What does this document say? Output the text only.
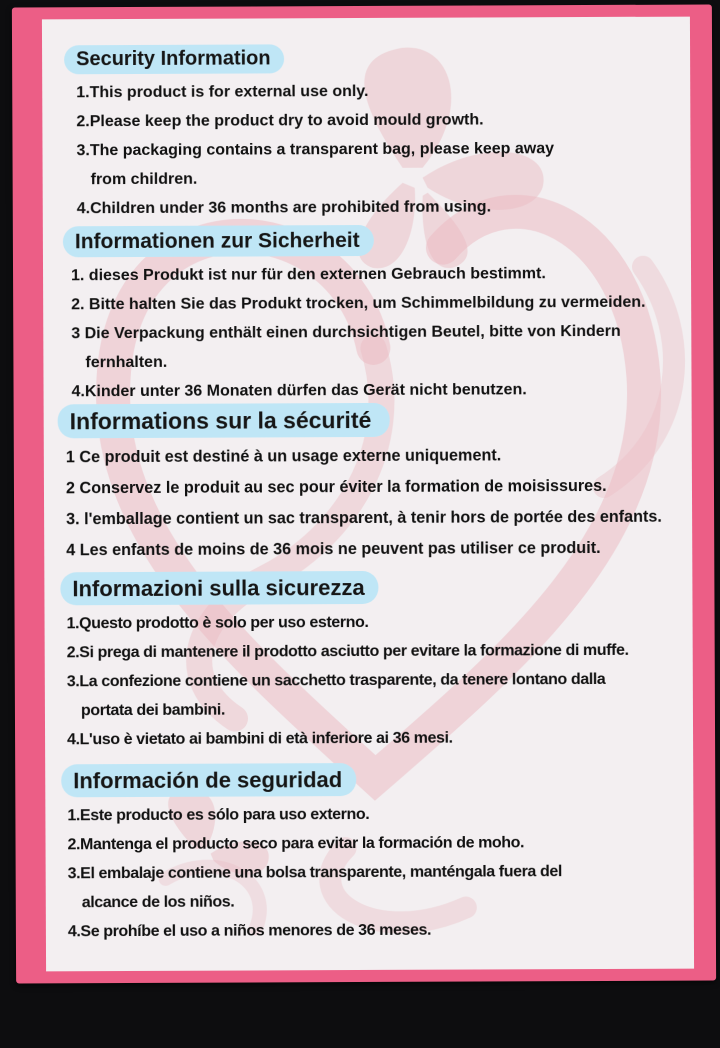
Security Information
1.This product is for external use only.
2.Please keep the product dry to avoid mould growth.
3.The packaging contains a transparent bag, please keep away
from children.
4.Children under 36 months are prohibited from using.
Informationen zur Sicherheit
1. dieses Produkt ist nur für den externen Gebrauch bestimmt.
2. Bitte halten Sie das Produkt trocken, um Schimmelbildung zu vermeiden.
3 Die Verpackung enthält einen durchsichtigen Beutel, bitte von Kindern
fernhalten.
4.Kinder unter 36 Monaten dürfen das Gerät nicht benutzen.
Informations sur la sécurité
1 Ce produit est destiné à un usage externe uniquement.
2 Conservez le produit au sec pour éviter la formation de moisissures.
3. l'emballage contient un sac transparent, à tenir hors de portée des enfants.
4 Les enfants de moins de 36 mois ne peuvent pas utiliser ce produit.
Informazioni sulla sicurezza
1.Questo prodotto è solo per uso esterno.
2.Si prega di mantenere il prodotto asciutto per evitare la formazione di muffe.
3.La confezione contiene un sacchetto trasparente, da tenere lontano dalla
portata dei bambini.
4.L'uso è vietato ai bambini di età inferiore ai 36 mesi.
Información de seguridad
1.Este producto es sólo para uso externo.
2.Mantenga el producto seco para evitar la formación de moho.
3.El embalaje contiene una bolsa transparente, manténgala fuera del
alcance de los niños.
4.Se prohíbe el uso a niños menores de 36 meses.
